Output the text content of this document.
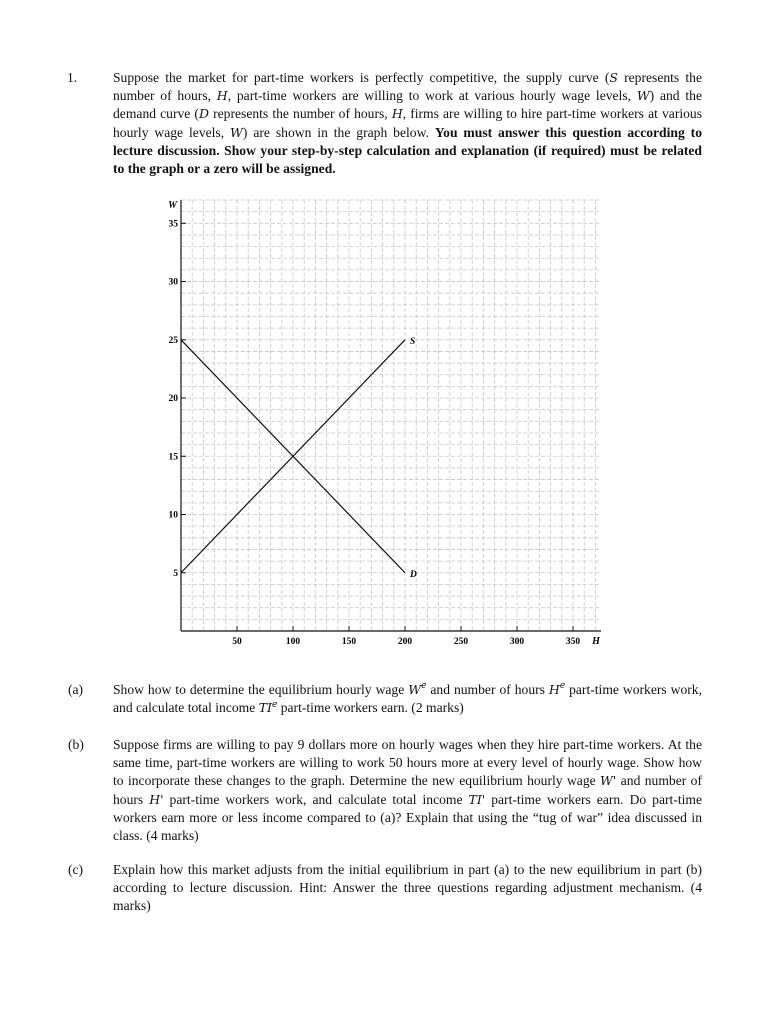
1.	Suppose the market for part-time workers is perfectly competitive, the supply curve (S represents the number of hours, H, part-time workers are willing to work at various hourly wage levels, W) and the demand curve (D represents the number of hours, H, firms are willing to hire part-time workers at various hourly wage levels, W) are shown in the graph below. You must answer this question according to lecture discussion. Show your step-by-step calculation and explanation (if required) must be related to the graph or a zero will be assigned.
50	100	150	200	250	300	350
5
10
15
20
25
30
35
H
W
S
D
(a) Show how to determine the equilibrium hourly wage $W^e$ and number of hours $H^e$ part-time workers work, and calculate total income $TI^e$ part-time workers earn. (2 marks)
(b) Suppose firms are willing to pay 9 dollars more on hourly wages when they hire part-time workers. At the same time, part-time workers are willing to work 50 hours more at every level of hourly wage. Show how to incorporate these changes to the graph. Determine the new equilibrium hourly wage W' and number of hours H' part-time workers work, and calculate total income TI' part-time workers earn. Do part-time workers earn more or less income compared to (a)? Explain that using the “tug of war” idea discussed in class. (4 marks)
(c) Explain how this market adjusts from the initial equilibrium in part (a) to the new equilibrium in part (b) according to lecture discussion. Hint: Answer the three questions regarding adjustment mechanism. (4 marks)
